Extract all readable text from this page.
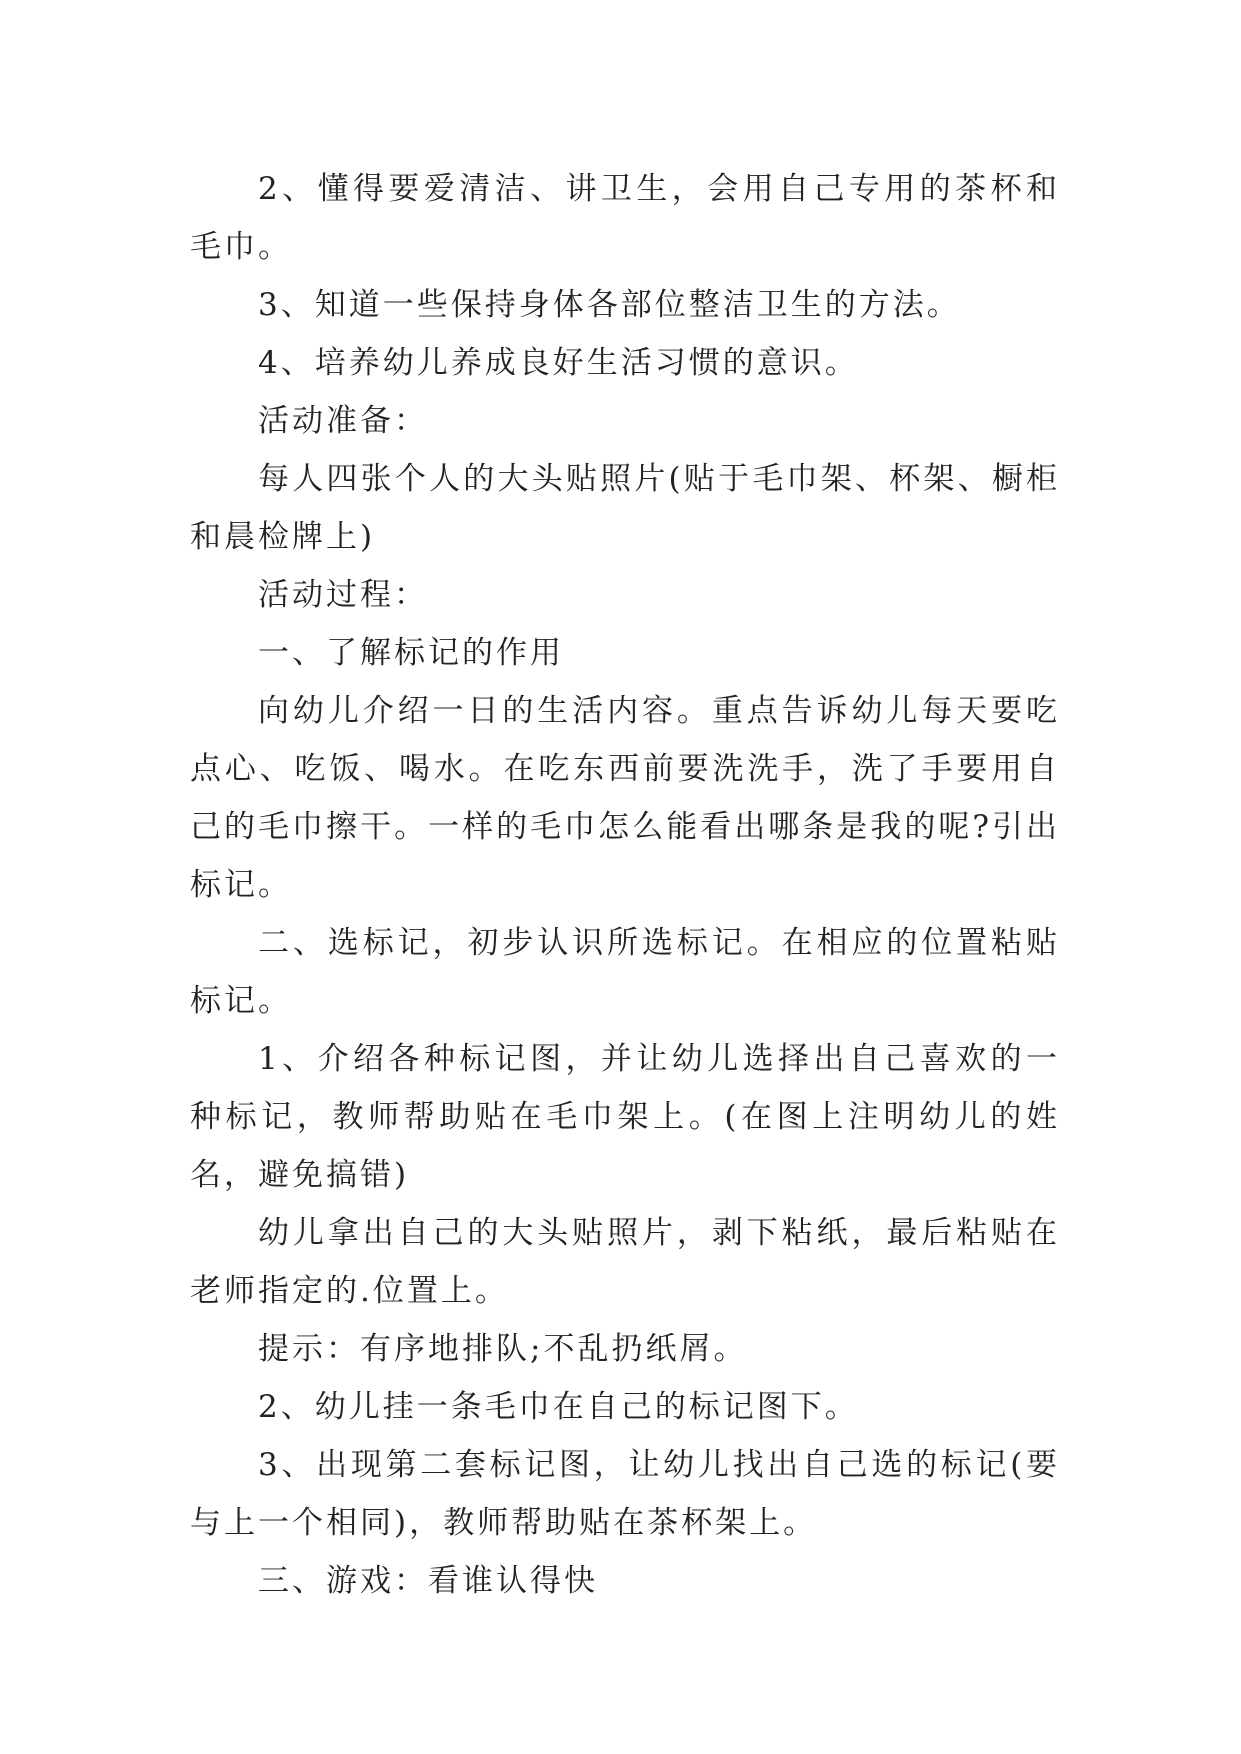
2、懂得要爱清洁、讲卫生，会用自己专用的茶杯和毛巾。

3、知道一些保持身体各部位整洁卫生的方法。

4、培养幼儿养成良好生活习惯的意识。

活动准备：

每人四张个人的大头贴照片(贴于毛巾架、杯架、橱柜和晨检牌上)

活动过程：

一、了解标记的作用

向幼儿介绍一日的生活内容。重点告诉幼儿每天要吃点心、吃饭、喝水。在吃东西前要洗洗手，洗了手要用自己的毛巾擦干。一样的毛巾怎么能看出哪条是我的呢?引出标记。

二、选标记，初步认识所选标记。在相应的位置粘贴标记。

1、介绍各种标记图，并让幼儿选择出自己喜欢的一种标记，教师帮助贴在毛巾架上。(在图上注明幼儿的姓名，避免搞错)

幼儿拿出自己的大头贴照片，剥下粘纸，最后粘贴在老师指定的.位置上。

提示：有序地排队;不乱扔纸屑。

2、幼儿挂一条毛巾在自己的标记图下。

3、出现第二套标记图，让幼儿找出自己选的标记(要与上一个相同)，教师帮助贴在茶杯架上。

三、游戏：看谁认得快
